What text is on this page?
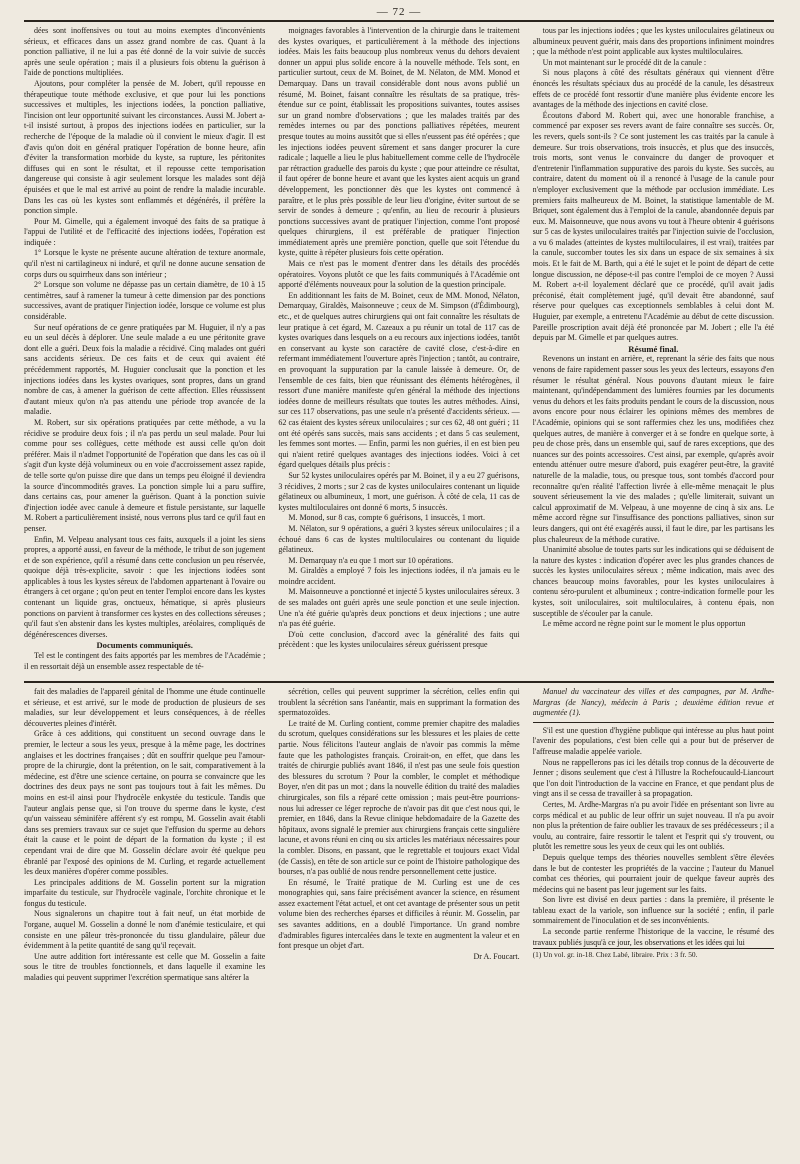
— 72 —

dées sont inoffensives ou tout au moins exemptes d'inconvénients sérieux, et efficaces dans un assez grand nombre de cas. Quant à la ponction palliative, il ne lui a pas été donné de la voir suivie de succès après une seule opération ; mais il a plusieurs fois obtenu la guérison à l'aide de ponctions multipliées.

Ajoutons, pour compléter la pensée de M. Jobert, qu'il repousse en thérapeutique toute méthode exclusive, et que pour lui les ponctions successives et multiples, les injections iodées, la ponction palliative, l'incision ont leur opportunité suivant les circonstances. Aussi M. Jobert a-t-il insisté surtout, à propos des injections iodées en particulier, sur la recherche de l'époque de la maladie où il convient le mieux d'agir. Il est d'avis qu'on doit en général pratiquer l'opération de bonne heure, afin d'éviter la transformation morbide du kyste, sa rupture, les péritonites diffuses qui en sont le résultat, et il repousse cette temporisation dangereuse qui consiste à agir seulement lorsque les malades sont déjà épuisées et que le mal est arrivé au point de rendre la maladie incurable. Dans les cas où les kystes sont enflammés et dégénérés, il préfère la ponction simple.

Pour M. Gimelle, qui a également invoqué des faits de sa pratique à l'appui de l'utilité et de l'efficacité des injections iodées, l'opération est indiquée :

1° Lorsque le kyste ne présente aucune altération de texture anormale, qu'il n'est ni cartilagineux ni induré, et qu'il ne donne aucune sensation de corps durs ou squirrheux dans son intérieur ;

2° Lorsque son volume ne dépasse pas un certain diamètre, de 10 à 15 centimètres, sauf à ramener la tumeur à cette dimension par des ponctions successives, avant de pratiquer l'injection iodée, lorsque ce volume est plus considérable.

Sur neuf opérations de ce genre pratiquées par M. Huguier, il n'y a pas eu un seul décès à déplorer. Une seule malade a eu une péritonite grave dont elle a guéri. Deux fois la maladie a récidivé. Cinq malades ont guéri sans accidents sérieux. De ces faits et de ceux qui avaient été précédemment rapportés, M. Huguier conclusait que la ponction et les injections iodées dans les kystes ovariques, sont propres, dans un grand nombre de cas, à amener la guérison de cette affection. Elles réussissent d'autant mieux qu'on n'a pas attendu une période trop avancée de la maladie.

M. Robert, sur six opérations pratiquées par cette méthode, a vu la récidive se produire deux fois ; il n'a pas perdu un seul malade. Pour lui comme pour ses collègues, cette méthode est aussi celle qu'on doit préférer. Mais il n'admet l'opportunité de l'opération que dans les cas où il s'agit d'un kyste déjà volumineux ou en voie d'accroissement assez rapide, de telle sorte qu'on puisse dire que dans un temps peu éloigné il deviendra la source d'incommodités graves. La ponction simple lui a paru suffire, dans certains cas, pour amener la guérison. Quant à la ponction suivie d'injection iodée avec canule à demeure et fistule persistante, sur laquelle M. Robert a particulièrement insisté, nous verrons plus tard ce qu'il faut en penser.

Enfin, M. Velpeau analysant tous ces faits, auxquels il a joint les siens propres, a apporté aussi, en faveur de la méthode, le tribut de son jugement et de son expérience, qu'il a résumé dans cette conclusion un peu réservée, quoique déjà très-explicite, savoir : que les injections iodées sont applicables à tous les kystes séreux de l'abdomen appartenant à l'ovaire ou étrangers à cet organe ; qu'on peut en tenter l'emploi encore dans les kystes contenant un liquide gras, onctueux, hématique, si après plusieurs ponctions on parvient à transformer ces kystes en des collections séreuses ; qu'il faut s'en abstenir dans les kystes multiples, aréolaires, compliqués de dégénérescences diverses.

Documents communiqués.

Tel est le contingent des faits apportés par les membres de l'Académie ; il en ressortait déjà un ensemble assez respectable de té-

moignages favorables à l'intervention de la chirurgie dans le traitement des kystes ovariques, et particulièrement à la méthode des injections iodées. Mais les faits beaucoup plus nombreux venus du dehors devaient donner un appui plus solide encore à la nouvelle méthode. Tels sont, en particulier surtout, ceux de M. Boinet, de M. Nélaton, de MM. Monod et Demarquay. Dans un travail considérable dont nous avons publié un résumé, M. Boinet, faisant connaître les résultats de sa pratique, très-étendue sur ce point, établissait les propositions suivantes, toutes assises sur un grand nombre d'observations ; que les malades traités par des remèdes internes ou par des ponctions palliatives répétées, meurent presque toutes au moins aussitôt que si elles n'eussent pas été opérées ; que les injections iodées peuvent sûrement et sans danger procurer la cure radicale ; laquelle a lieu le plus habituellement comme celle de l'hydrocèle par rétraction graduelle des parois du kyste ; que pour atteindre ce résultat, il faut opérer de bonne heure et avant que les kystes aient acquis un grand développement, les ponctionner dès que les kystes ont commencé à paraître, et le plus près possible de leur lieu d'origine, éviter surtout de se servir de sondes à demeure ; qu'enfin, au lieu de recourir à plusieurs ponctions successives avant de pratiquer l'injection, comme l'ont proposé quelques chirurgiens, il est préférable de pratiquer l'injection immédiatement après une première ponction, quelle que soit l'étendue du kyste, quitte à répéter plusieurs fois cette opération.

Mais ce n'est pas le moment d'entrer dans les détails des procédés opératoires. Voyons plutôt ce que les faits communiqués à l'Académie ont apporté d'éléments nouveaux pour la solution de la question principale.

En additionnant les faits de M. Boinet, ceux de MM. Monod, Nélaton, Demarquay, Giraldès, Maisonneuve ; ceux de M. Simpson (d'Édimbourg), etc., et de quelques autres chirurgiens qui ont fait connaître les résultats de leur pratique à cet égard, M. Cazeaux a pu réunir un total de 117 cas de kystes ovariques dans lesquels on a eu recours aux injections iodées, tantôt en conservant au kyste son caractère de cavité close, c'est-à-dire en refermant immédiatement l'ouverture après l'injection ; tantôt, au contraire, en provoquant la suppuration par la canule laissée à demeure. Or, de l'ensemble de ces faits, bien que réunissant des éléments hétérogènes, il ressort d'une manière manifeste qu'en général la méthode des injections iodées donne de meilleurs résultats que toutes les autres méthodes. Ainsi, sur ces 117 observations, pas une seule n'a présenté d'accidents sérieux. — 62 cas étaient des kystes séreux uniloculaires ; sur ces 62, 48 ont guéri ; 11 ont été opérés sans succès, mais sans accidents ; et dans 5 cas seulement, les femmes sont mortes. — Enfin, parmi les non guéries, il en est bien peu qui n'aient retiré quelques avantages des injections iodées. Voici à cet égard quelques détails plus précis :

Sur 52 kystes uniloculaires opérés par M. Boinet, il y a eu 27 guérisons, 3 récidives, 2 morts ; sur 2 cas de kystes uniloculaires contenant un liquide gélatineux ou albumineux, 1 mort, une guérison. À côté de cela, 11 cas de kystes multiloculaires ont donné 6 morts, 5 insuccès.

M. Monod, sur 8 cas, compte 6 guérisons, 1 insuccès, 1 mort.

M. Nélaton, sur 9 opérations, a guéri 3 kystes séreux uniloculaires ; il a échoué dans 6 cas de kystes multiloculaires ou contenant du liquide gélatineux.

M. Demarquay n'a eu que 1 mort sur 10 opérations.

M. Giraldès a employé 7 fois les injections iodées, il n'a jamais eu le moindre accident.

M. Maisonneuve a ponctionné et injecté 5 kystes uniloculaires séreux. 3 de ses malades ont guéri après une seule ponction et une seule injection. Une n'a été guérie qu'après deux ponctions et deux injections ; une autre n'a pas été guérie.

D'où cette conclusion, d'accord avec la généralité des faits qui précèdent : que les kystes uniloculaires séreux guérissent presque

tous par les injections iodées ; que les kystes uniloculaires gélatineux ou albumineux peuvent guérir, mais dans des proportions infiniment moindres ; que la méthode n'est point applicable aux kystes multiloculaires.

Un mot maintenant sur le procédé dit de la canule :

Si nous plaçons à côté des résultats généraux qui viennent d'être énoncés les résultats spéciaux dus au procédé de la canule, les désastreux effets de ce procédé font ressortir d'une manière plus évidente encore les avantages de la méthode des injections en cavité close.

Écoutons d'abord M. Robert qui, avec une honorable franchise, a commencé par exposer ses revers avant de faire connaître ses succès. Or, les revers, quels sont-ils ? Ce sont justement les cas traités par la canule à demeure. Sur trois observations, trois insuccès, et plus que des insuccès, trois morts, sont venus le convaincre du danger de provoquer et d'entretenir l'inflammation suppurative des parois du kyste. Ses succès, au contraire, datent du moment où il a renoncé à l'usage de la canule pour n'employer exclusivement que la méthode par occlusion immédiate. Les premiers faits malheureux de M. Boinet, la statistique lamentable de M. Briquet, sont également dus à l'emploi de la canule, abandonnée depuis par eux. M. Maisonneuve, que nous avons vu tout à l'heure obtenir 4 guérisons sur 5 cas de kystes uniloculaires traités par l'injection suivie de l'occlusion, a vu 6 malades (atteintes de kystes multiloculaires, il est vrai), traitées par la canule, succomber toutes les six dans un espace de six semaines à six mois. Et le fait de M. Barth, qui a été le sujet et le point de départ de cette longue discussion, ne dépose-t-il pas contre l'emploi de ce moyen ? Aussi M. Robert a-t-il loyalement déclaré que ce procédé, qu'il avait jadis préconisé, était complètement jugé, qu'il devait être abandonné, sauf réserve pour quelques cas exceptionnels semblables à celui dont M. Huguier, par exemple, a entretenu l'Académie au début de cette discussion. Pareille proscription avait déjà été prononcée par M. Jobert ; elle l'a été depuis par M. Gimelle et par quelques autres.

Résumé final.

Revenons un instant en arrière, et, reprenant la série des faits que nous venons de faire rapidement passer sous les yeux des lecteurs, essayons d'en résumer le résultat général. Nous pouvons d'autant mieux le faire maintenant, qu'indépendamment des lumières fournies par les documents venus du dehors et les faits produits pendant le cours de la discussion, nous avons encore pour nous éclairer les opinions mêmes des membres de l'Académie, opinions qui se sont raffermies chez les uns, modifiées chez quelques autres, de manière à converger et à se fondre en quelque sorte, à peu de chose près, dans un ensemble qui, sauf de rares exceptions, que des nuances sur des points accessoires. C'est ainsi, par exemple, qu'après avoir entendu atténuer outre mesure d'abord, puis exagérer peut-être, la gravité naturelle de la maladie, tous, ou presque tous, sont tombés d'accord pour reconnaître qu'en réalité l'affection livrée à elle-même menaçait le plus souvent sérieusement la vie des malades ; qu'elle limiterait, suivant un calcul approximatif de M. Velpeau, à une moyenne de cinq à six ans. Le même accord règne sur l'insuffisance des ponctions palliatives, sinon sur leurs dangers, qui ont été exagérés aussi, il faut le dire, par les partisans les plus chaleureux de la méthode curative.

Unanimité absolue de toutes parts sur les indications qui se déduisent de la nature des kystes : indication d'opérer avec les plus grandes chances de succès les kystes uniloculaires séreux ; même indication, mais avec des chances beaucoup moins favorables, pour les kystes uniloculaires à contenu séro-purulent et albumineux ; contre-indication formelle pour les kystes, soit uniloculaires, soit multiloculaires, à contenu épais, non susceptible de s'écouler par la canule.

Le même accord ne règne point sur le moment le plus opportun

fait des maladies de l'appareil génital de l'homme une étude continuelle et sérieuse, et est arrivé, sur le mode de production de plusieurs de ses maladies, sur leur développement et leurs conséquences, à de réelles découvertes pleines d'intérêt.

Grâce à ces additions, qui constituent un second ouvrage dans le premier, le lecteur a sous les yeux, presque à la même page, les doctrines anglaises et les doctrines françaises ; dût en souffrir quelque peu l'amour-propre de la chirurgie, dont la prétention, on le sait, comparativement à la médecine, est d'être une science certaine, on pourra se convaincre que les doctrines des deux pays ne sont pas toujours tout à fait les mêmes. Du moins en est-il ainsi pour l'hydrocèle enkystée du testicule. Tandis que l'auteur anglais pense que, si l'on trouve du sperme dans le kyste, c'est qu'un vaisseau séminifère afférent s'y est rompu, M. Gosselin avait établi dans ses premiers travaux sur ce sujet que l'effusion du sperme au dehors était la cause et le point de départ de la formation du kyste ; il est cependant vrai de dire que M. Gosselin déclare avoir été quelque peu ébranlé par l'exposé des opinions de M. Curling, et regarde actuellement les deux manières d'opérer comme possibles.

Les principales additions de M. Gosselin portent sur la migration imparfaite du testicule, sur l'hydrocèle vaginale, l'orchite chronique et le fongus du testicule.

Nous signalerons un chapitre tout à fait neuf, un état morbide de l'organe, auquel M. Gosselin a donné le nom d'anémie testiculaire, et qui consiste en une pâleur très-prononcée du tissu glandulaire, pâleur due évidemment à la petite quantité de sang qu'il reçevait.

Une autre addition fort intéressante est celle que M. Gosselin a faite sous le titre de troubles fonctionnels, et dans laquelle il examine les maladies qui peuvent supprimer l'excrétion spermatique sans altérer la

sécrétion, celles qui peuvent supprimer la sécrétion, celles enfin qui troublent la sécrétion sans l'anéantir, mais en supprimant la formation des spermatozoïdes.

Le traité de M. Curling contient, comme premier chapitre des maladies du scrotum, quelques considérations sur les blessures et les plaies de cette partie. Nous félicitons l'auteur anglais de n'avoir pas commis la même faute que les pathologistes français. Croirait-on, en effet, que dans les traités de chirurgie publiés avant 1846, il n'est pas une seule fois question des blessures du scrotum ? Pour la combler, le complet et méthodique Boyer, n'en dit pas un mot ; dans la nouvelle édition du traité des maladies chirurgicales, son fils a réparé cette omission ; mais peut-être pourrions-nous lui adresser ce léger reproche de n'avoir pas dit que c'est nous qui, le premier, en 1846, dans la Revue clinique hebdomadaire de la Gazette des hôpitaux, avons signalé le premier aux chirurgiens français cette singulière lacune, et avons réuni en cinq ou six articles les matériaux nécessaires pour la combler. Disons, en passant, que le regrettable et toujours exact Vidal (de Cassis), en tête de son article sur ce point de l'histoire pathologique des bourses, n'a pas oublié de nous rendre personnellement cette justice.

En résumé, le Traité pratique de M. Curling est une de ces monographies qui, sans faire précisément avancer la science, en résument assez exactement l'état actuel, et ont cet avantage de présenter sous un petit volume bien des recherches éparses et difficiles à réunir. M. Gosselin, par ses savantes additions, en a doublé l'importance. Un grand nombre d'admirables figures intercalées dans le texte en augmentent la valeur et en font presque un objet d'art.

Dr A. Foucart.

Manuel du vaccinateur des villes et des campagnes, par M. Ardhe-Margras (de Nancy), médecin à Paris ; deuxième édition revue et augmentée (1).

S'il est une question d'hygiène publique qui intéresse au plus haut point l'avenir des populations, c'est bien celle qui a pour but de préserver de l'affreuse maladie appelée variole.

Nous ne rappellerons pas ici les détails trop connus de la découverte de Jenner ; disons seulement que c'est à l'illustre la Rochefoucauld-Liancourt que l'on doit l'introduction de la vaccine en France, et que pendant plus de vingt ans il se cessa de travailler à sa propagation.

Certes, M. Ardhe-Margras n'a pu avoir l'idée en présentant son livre au corps médical et au public de leur offrir un sujet nouveau. Il n'a pu avoir non plus la prétention de faire oublier les travaux de ses prédécesseurs ; il a voulu, au contraire, faire ressortir le talent et l'esprit qui s'y trouvent, ou plutôt les remettre sous les yeux de ceux qui les ont oubliés.

Depuis quelque temps des théories nouvelles semblent s'être élevées dans le but de contester les propriétés de la vaccine ; l'auteur du Manuel combat ces théories, qui pourraient jouir de quelque faveur auprès des médecins qui ne basent pas leur jugement sur les faits.

Son livre est divisé en deux parties : dans la première, il présente le tableau exact de la variole, son influence sur la société ; enfin, il parle sommairement de l'inoculation et de ses inconvénients.

La seconde partie renferme l'historique de la vaccine, le résumé des travaux publiés jusqu'à ce jour, les observations et les idées qui lui

(1) Un vol. gr. in-18. Chez Labé, libraire. Prix : 3 fr. 50.
